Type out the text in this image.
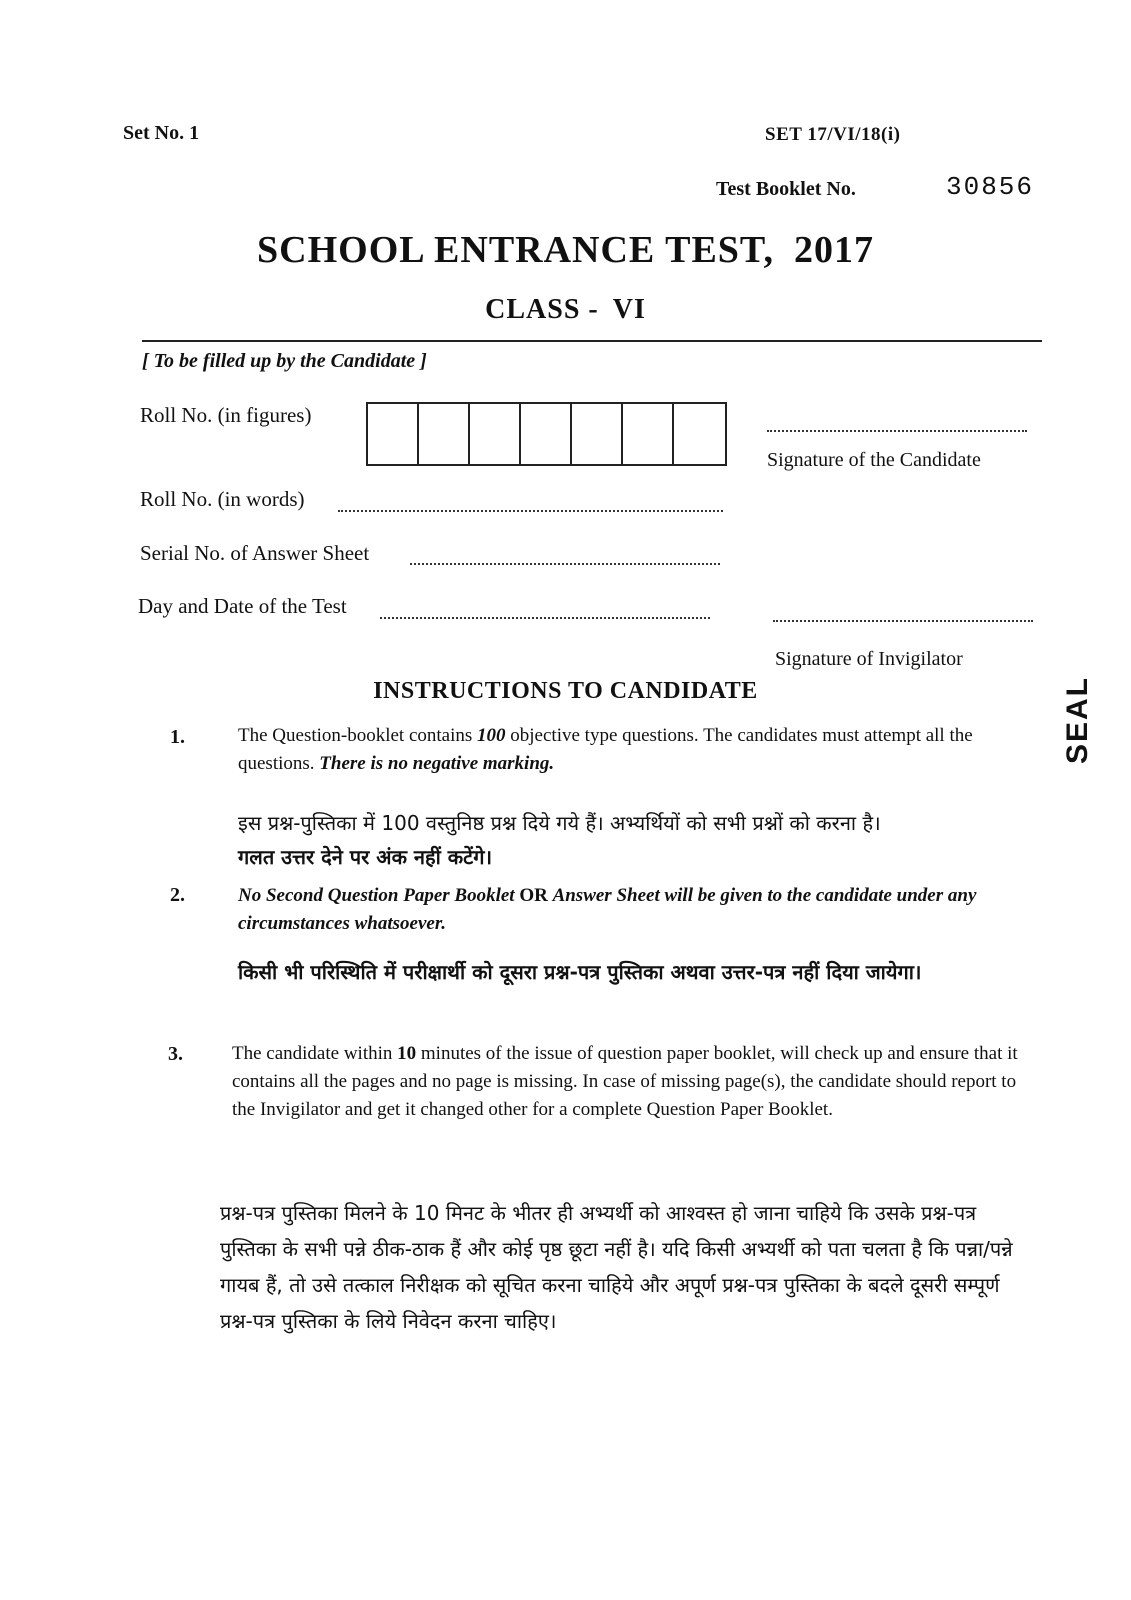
Set No. 1	SET 17/VI/18(i)
Test Booklet No.	30856
SCHOOL ENTRANCE TEST, 2017
CLASS - VI
[ To be filled up by the Candidate ]
Roll No. (in figures)
Signature of the Candidate
Roll No. (in words)
Serial No. of Answer Sheet
Day and Date of the Test
Signature of Invigilator
SEAL
INSTRUCTIONS TO CANDIDATE
1.	The Question-booklet contains 100 objective type questions. The candidates must attempt all the questions. There is no negative marking.
इस प्रश्न-पुस्तिका में 100 वस्तुनिष्ठ प्रश्न दिये गये हैं। अभ्यर्थियों को सभी प्रश्नों को करना है।
गलत उत्तर देने पर अंक नहीं कटेंगे।
2.	No Second Question Paper Booklet OR Answer Sheet will be given to the candidate under any circumstances whatsoever.
किसी भी परिस्थिति में परीक्षार्थी को दूसरा प्रश्न-पत्र पुस्तिका अथवा उत्तर-पत्र नहीं दिया जायेगा।
3.	The candidate within 10 minutes of the issue of question paper booklet, will check up and ensure that it contains all the pages and no page is missing. In case of missing page(s), the candidate should report to the Invigilator and get it changed other for a complete Question Paper Booklet.
प्रश्न-पत्र पुस्तिका मिलने के 10 मिनट के भीतर ही अभ्यर्थी को आश्वस्त हो जाना चाहिये कि उसके प्रश्न-पत्र पुस्तिका के सभी पन्ने ठीक-ठाक हैं और कोई पृष्ठ छूटा नहीं है। यदि किसी अभ्यर्थी को पता चलता है कि पन्ना/पन्ने गायब हैं, तो उसे तत्काल निरीक्षक को सूचित करना चाहिये और अपूर्ण प्रश्न-पत्र पुस्तिका के बदले दूसरी सम्पूर्ण प्रश्न-पत्र पुस्तिका के लिये निवेदन करना चाहिए।
